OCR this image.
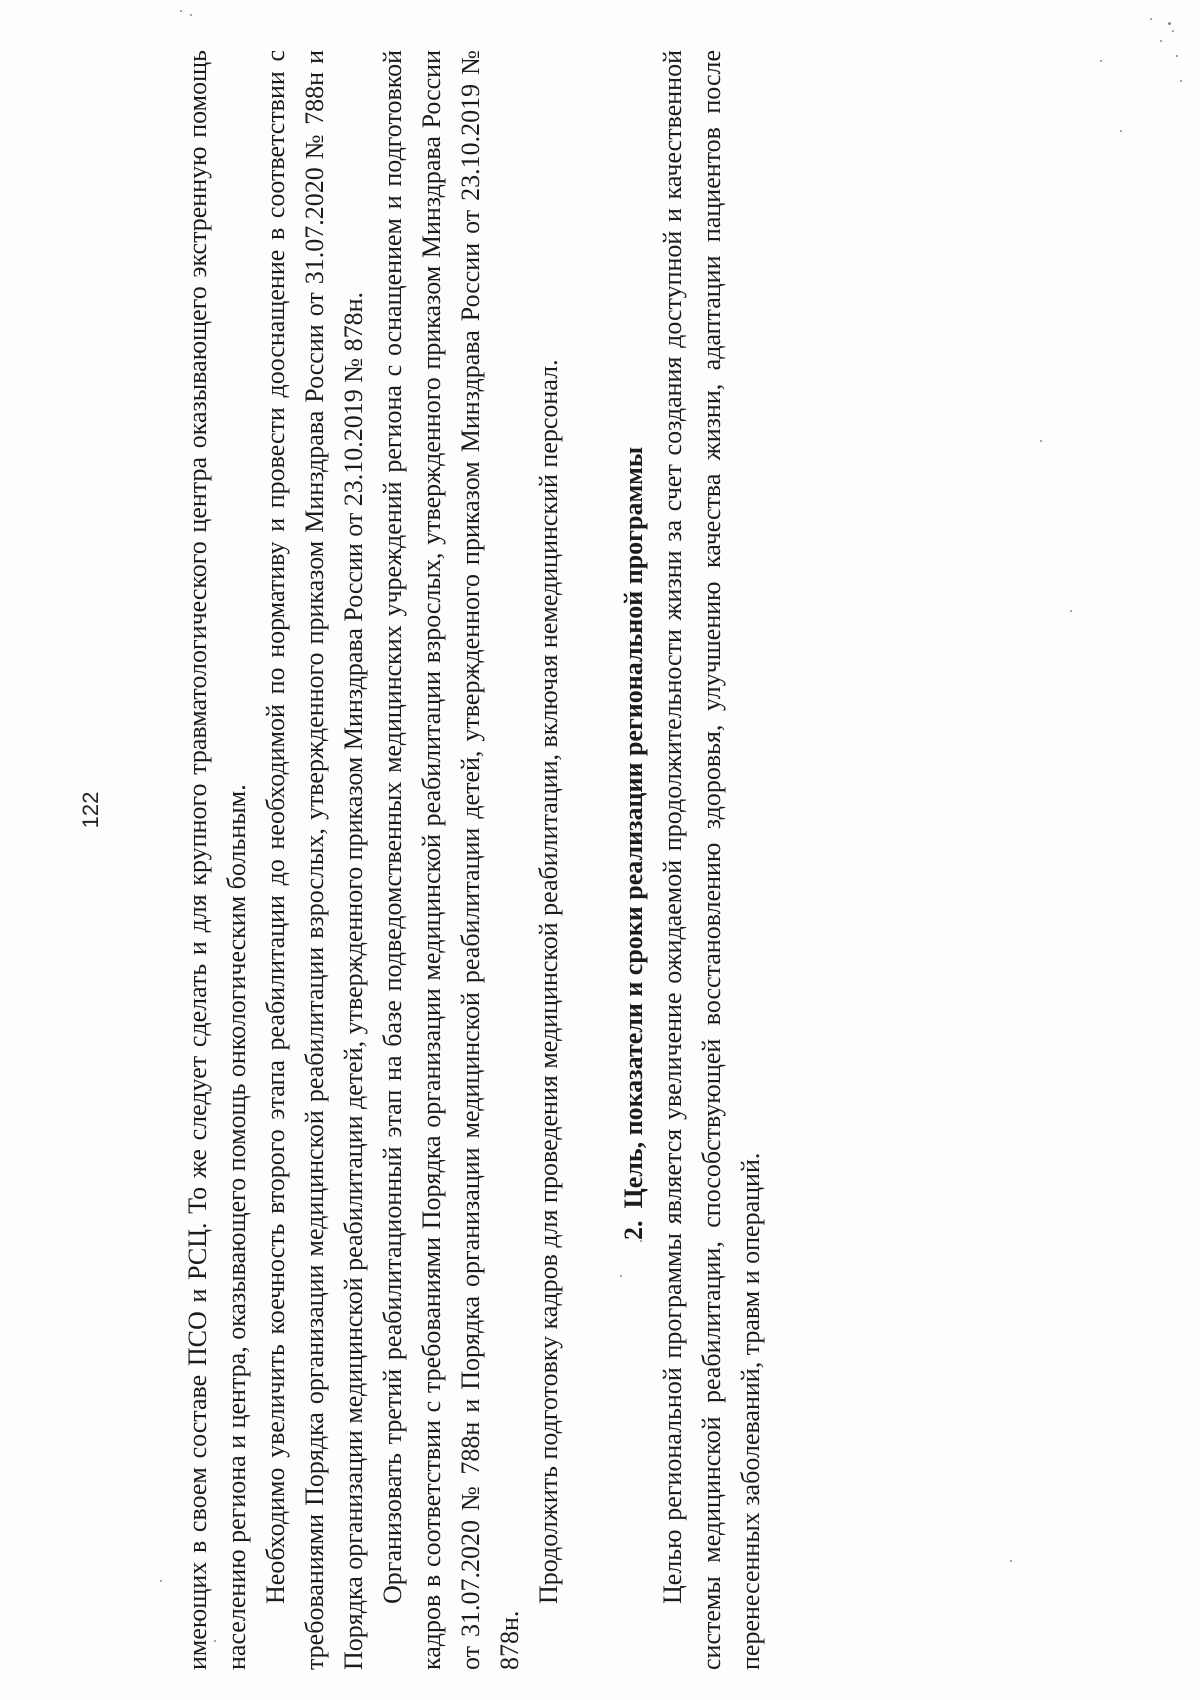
122	имеющих в своем составе ПСО и РСЦ. То же следует сделать и для крупного травматологического центра оказывающего экстренную помощь населению региона и центра, оказывающего помощь онкологическим больным. Необходимо увеличить коечность второго этапа реабилитации до необходимой по нормативу и провести дооснащение в соответствии с требованиями Порядка организации медицинской реабилитации взрослых, утвержденного приказом Минздрава России от 31.07.2020 № 788н и Порядка организации медицинской реабилитации детей, утвержденного приказом Минздрава России от 23.10.2019 № 878н. Организовать третий реабилитационный этап на базе подведомственных медицинских учреждений региона с оснащением и подготовкой кадров в соответствии с требованиями Порядка организации медицинской реабилитации взрослых, утвержденного приказом Минздрава России от 31.07.2020 № 788н и Порядка организации медицинской реабилитации детей, утвержденного приказом Минздрава России от 23.10.2019 № 878н.

Продолжить подготовку кадров для проведения медицинской реабилитации, включая немедицинский персонал. 2.Цель, показатели и сроки реализации региональной программы Целью региональной программы является увеличение ожидаемой продолжительности жизни за счет создания доступной и качественной системы медицинской реабилитации, способствующей восстановлению здоровья, улучшению качества жизни, адаптации пациентов после перенесенных заболеваний, травм и операций.
